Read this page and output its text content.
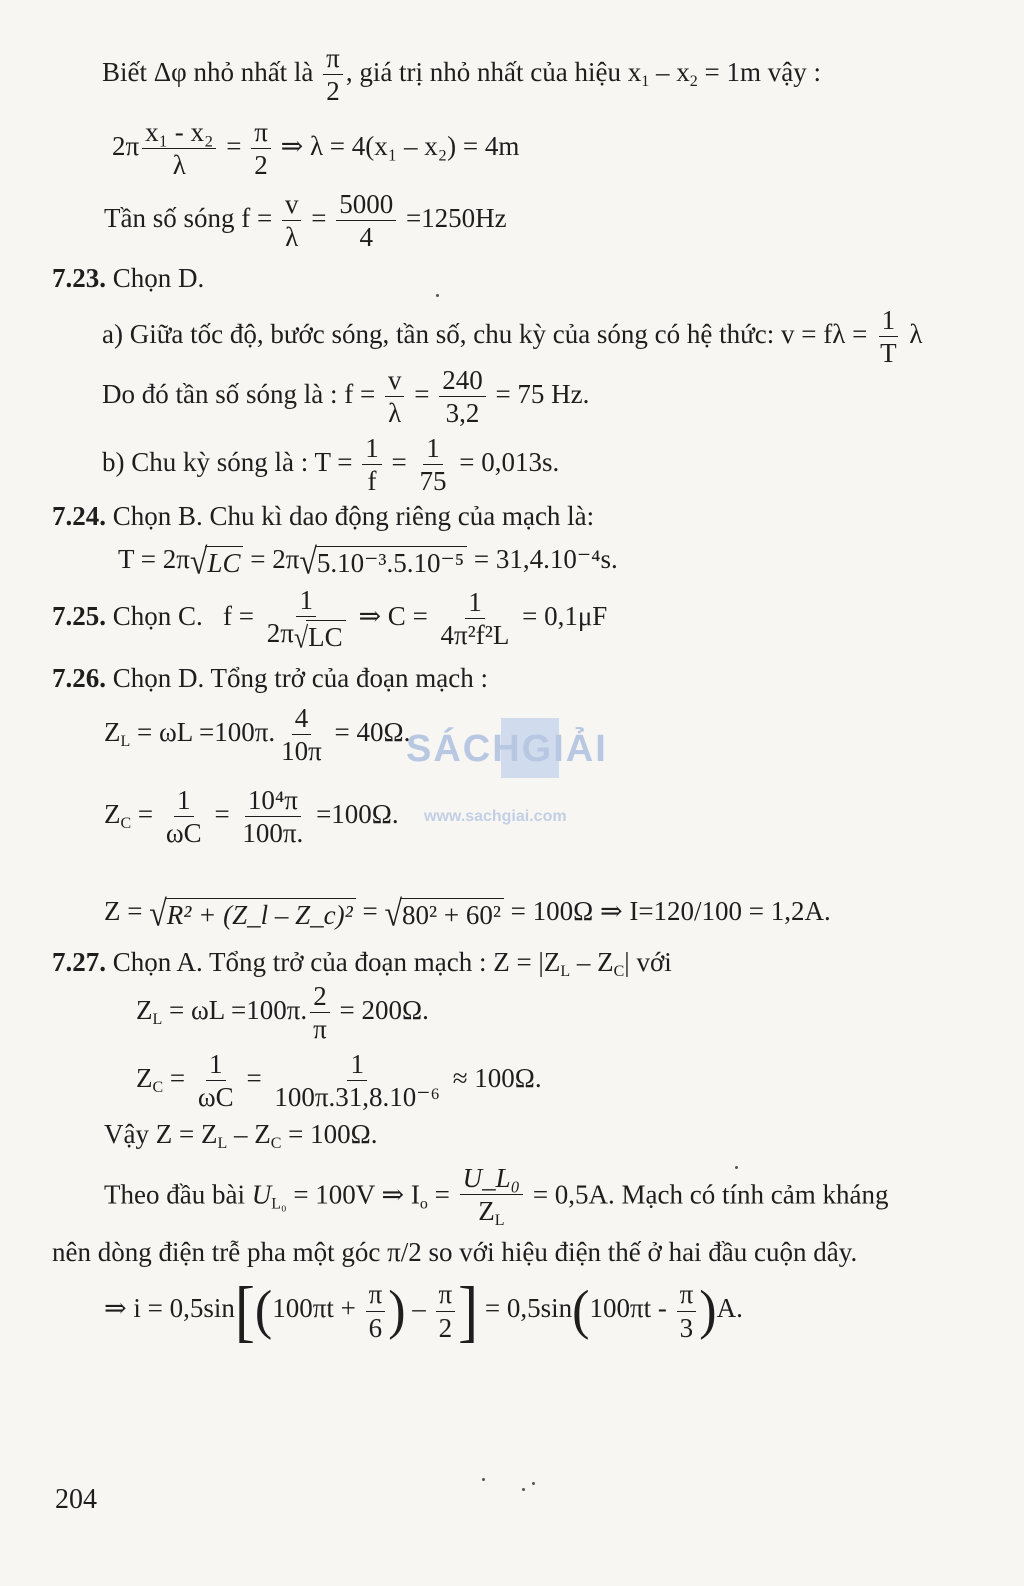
Biết Δφ nhỏ nhất là $\frac{\pi}{2}$ , giá trị nhỏ nhất của hiệu $x_1 - x_2 = 1m$ vậy :
$2\pi \frac{\text{x₁ - x₂}}{\lambda} = \frac{\pi}{2}$ ⇒ λ = 4(x₁ – x₂) = 4m
Tần số sóng $f = \frac{v}{\lambda} = \frac{5000}{4} =1250Hz$
7.23. Chọn D.
a) Giữa tốc độ, bước sóng, tần số, chu kỳ của sóng có hệ thức: $v = f\lambda = \frac{1}{T}$ λ
Do đó tần số sóng là : $f = \frac{v}{\lambda} = \frac{240}{3,2} = 75$ Hz.
b) Chu kỳ sóng là : $T = \frac{1}{f} = \frac{1}{75} = 0,013s$.
7.24. Chọn B. Chu kì dao động riêng của mạch là:
T = 2π√LC = 2π√5.10⁻³.5.10⁻⁵ = 31,4.10⁻⁴s.
7.25. Chọn C. $f = \frac{1}{2\pi√LC}$ ⇒ $C = \frac{1}{\text{4π²f²L}} = 0,1\mu F$
7.26. Chọn D. Tổng trở của đoạn mạch :
$Z_L = \omega L =100\pi$. $\frac{4}{10\pi} = 40\Omega$.
$Z_C = \frac{1}{\omega C} = \frac{\text{10⁴π}}{100\pi.} =100\Omega$.
Z = √R² + (Z_l – Z_c)² = √80² + 60² = 100Ω ⇒ I=120/100 = 1,2A.
7.27. Chọn A. Tổng trở của đoạn mạch : $Z = |Z_L - Z_C|$ với
$Z_L = \omega L =100\pi$. $\frac{2}{\pi} = 200\Omega$.
$Z_C = \frac{1}{\omega C} = \frac{1}{\text{100π.31,8.10⁻⁶}} \approx 100\Omega$.
Vậy $Z = Z_L - Z_C = 100\Omega$.
Theo đầu bài $U_{L_0} = 100V$ ⇒ $I_o = \frac{\text{U\_L₀}}{Z_L} = 0,5A$. Mạch có tính cảm kháng
nên dòng điện trễ pha một góc π/2 so với hiệu điện thế ở hai đầu cuộn dây.
⇒ $i = 0,5\sin[(100\pi t + \frac{\pi}{6}$ ) – $\frac{\pi}{2}$ ] = $0,5\sin(100\pi t - \frac{\pi}{3} )A$.
SÁCHGIẢI
www.sachgiai.com
204
